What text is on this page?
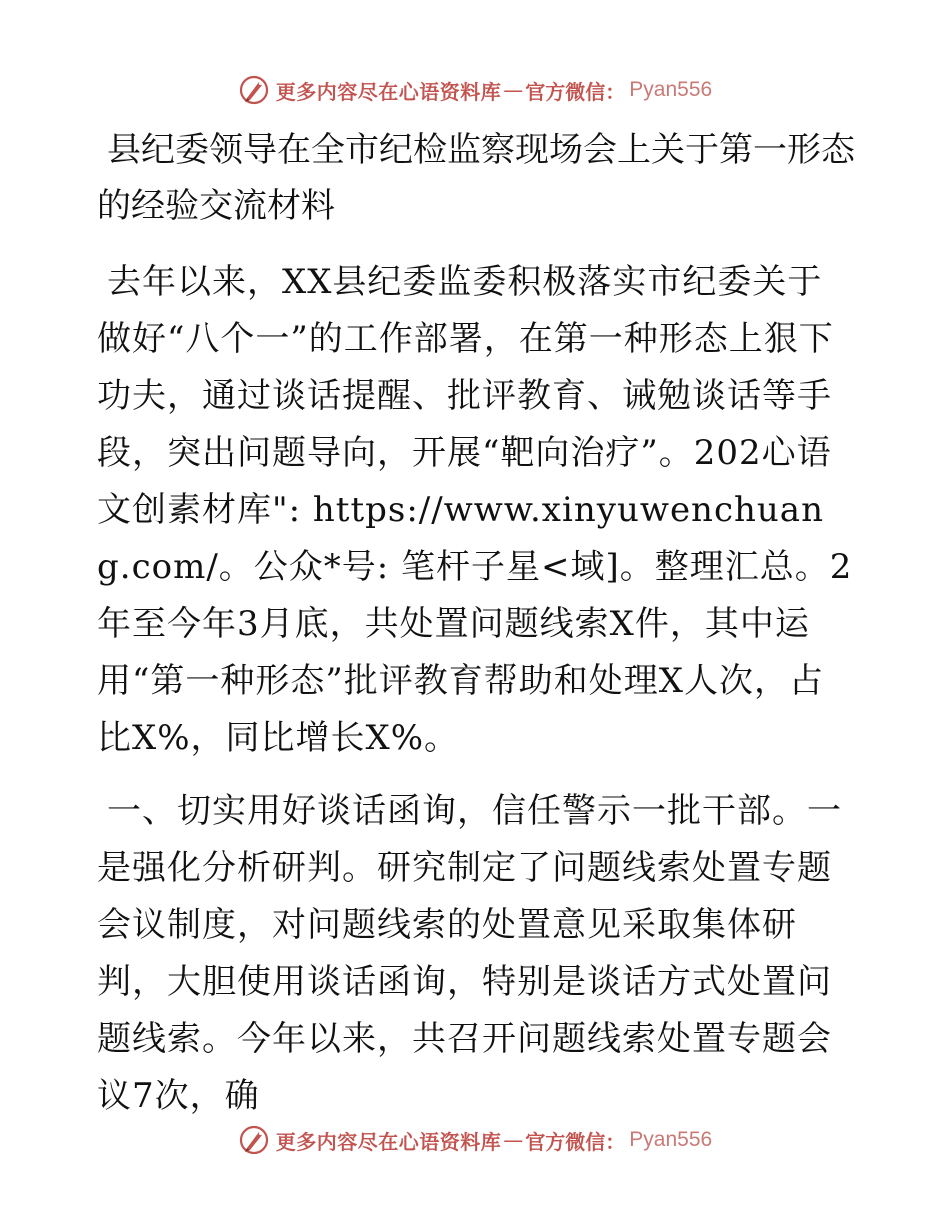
更多内容尽在心语资料库 — 官方微信： Pyan556
县纪委领导在全市纪检监察现场会上关于第一形态的经验交流材料

去年以来，XX县纪委监委积极落实市纪委关于做好“八个一”的工作部署，在第一种形态上狠下功夫，通过谈话提醒、批评教育、诫勉谈话等手段，突出问题导向，开展“靶向治疗”。202心语文创素材库": https://www.xinyuwenchuang.com/。公众*号: 笔杆子星<域]。整理汇总。2年至今年3月底，共处置问题线索X件，其中运用“第一种形态”批评教育帮助和处理X人次，占比X%，同比增长X%。

一、切实用好谈话函询，信任警示一批干部。一是强化分析研判。研究制定了问题线索处置专题会议制度，对问题线索的处置意见采取集体研判，大胆使用谈话函询，特别是谈话方式处置问题线索。今年以来，共召开问题线索处置专题会议7次，确

更多内容尽在心语资料库 — 官方微信： Pyan556
